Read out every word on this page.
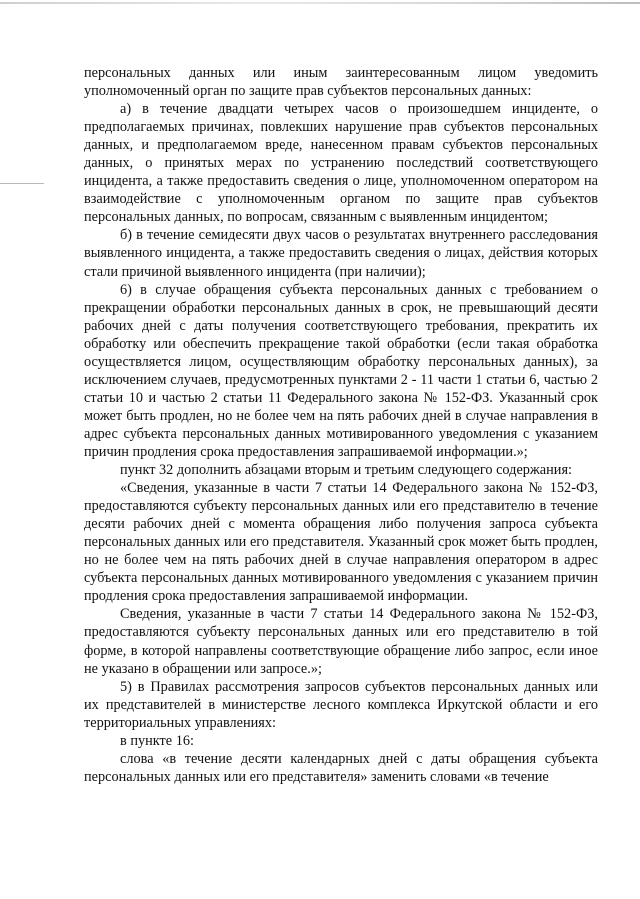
персональных данных или иным заинтересованным лицом уведомить уполномоченный орган по защите прав субъектов персональных данных:

а) в течение двадцати четырех часов о произошедшем инциденте, о предполагаемых причинах, повлекших нарушение прав субъектов персональных данных, и предполагаемом вреде, нанесенном правам субъектов персональных данных, о принятых мерах по устранению последствий соответствующего инцидента, а также предоставить сведения о лице, уполномоченном оператором на взаимодействие с уполномоченным органом по защите прав субъектов персональных данных, по вопросам, связанным с выявленным инцидентом;

б) в течение семидесяти двух часов о результатах внутреннего расследования выявленного инцидента, а также предоставить сведения о лицах, действия которых стали причиной выявленного инцидента (при наличии);

6) в случае обращения субъекта персональных данных с требованием о прекращении обработки персональных данных в срок, не превышающий десяти рабочих дней с даты получения соответствующего требования, прекратить их обработку или обеспечить прекращение такой обработки (если такая обработка осуществляется лицом, осуществляющим обработку персональных данных), за исключением случаев, предусмотренных пунктами 2 - 11 части 1 статьи 6, частью 2 статьи 10 и частью 2 статьи 11 Федерального закона № 152-ФЗ. Указанный срок может быть продлен, но не более чем на пять рабочих дней в случае направления в адрес субъекта персональных данных мотивированного уведомления с указанием причин продления срока предоставления запрашиваемой информации.»;

пункт 32 дополнить абзацами вторым и третьим следующего содержания:

«Сведения, указанные в части 7 статьи 14 Федерального закона № 152-ФЗ, предоставляются субъекту персональных данных или его представителю в течение десяти рабочих дней с момента обращения либо получения запроса субъекта персональных данных или его представителя. Указанный срок может быть продлен, но не более чем на пять рабочих дней в случае направления оператором в адрес субъекта персональных данных мотивированного уведомления с указанием причин продления срока предоставления запрашиваемой информации.

Сведения, указанные в части 7 статьи 14 Федерального закона № 152-ФЗ, предоставляются субъекту персональных данных или его представителю в той форме, в которой направлены соответствующие обращение либо запрос, если иное не указано в обращении или запросе.»;

5) в Правилах рассмотрения запросов субъектов персональных данных или их представителей в министерстве лесного комплекса Иркутской области и его территориальных управлениях:

в пункте 16:

слова «в течение десяти календарных дней с даты обращения субъекта персональных данных или его представителя» заменить словами «в течение
